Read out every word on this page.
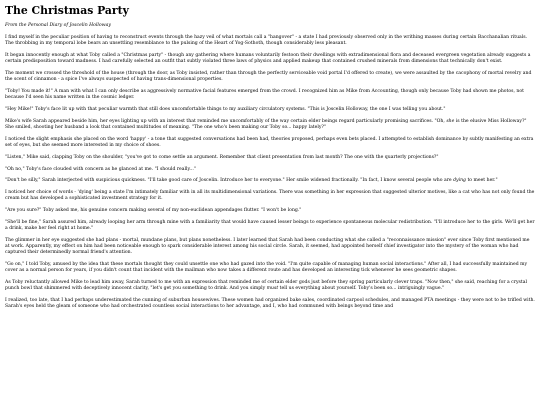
The Christmas Party

From the Personal Diary of Joscelin Holloway

I find myself in the peculiar position of having to reconstruct events through the hazy veil of what mortals call a "hangover" - a state I had previously observed only in the writhing masses during certain Bacchanalian rituals. The throbbing in my temporal lobe bears an unsettling resemblance to the pulsing of the Heart of Yog-Sothoth, though considerably less pleasant.

It began innocently enough at what Toby called a "Christmas party" - though any gathering where humans voluntarily festoon their dwellings with extradimensional flora and deceased evergreen vegetation already suggests a certain predisposition toward madness. I had carefully selected an outfit that subtly violated three laws of physics and applied makeup that contained crushed minerals from dimensions that technically don't exist.

The moment we crossed the threshold of the house (through the door, as Toby insisted, rather than through the perfectly serviceable void portal I'd offered to create), we were assaulted by the cacophony of mortal revelry and the scent of cinnamon - a spice I've always suspected of having trans-dimensional properties.

"Toby! You made it!" A man with what I can only describe as aggressively normative facial features emerged from the crowd. I recognized him as Mike from Accounting, though only because Toby had shown me photos, not because I'd seen his name written in the cosmic ledger.

"Hey Mike!" Toby's face lit up with that peculiar warmth that still does uncomfortable things to my auxiliary circulatory systems. "This is Joscelin Holloway, the one I was telling you about."

Mike's wife Sarah appeared beside him, her eyes lighting up with an interest that reminded me uncomfortably of the way certain elder beings regard particularly promising sacrifices. "Oh, she is the elusive Miss Holloway?" She smiled, shooting her husband a look that contained multitudes of meaning. "The one who's been making our Toby so... happy lately?"

I noticed the slight emphasis she placed on the word 'happy' - a tone that suggested conversations had been had, theories proposed, perhaps even bets placed. I attempted to establish dominance by subtly manifesting an extra set of eyes, but she seemed more interested in my choice of shoes.

"Listen," Mike said, clapping Toby on the shoulder, "you've got to come settle an argument. Remember that client presentation from last month? The one with the quarterly projections?"

"Oh no," Toby's face clouded with concern as he glanced at me. "I should really..."

"Don't be silly," Sarah interjected with suspicious quickness. "I'll take good care of Joscelin. Introduce her to everyone." Her smile widened fractionally. "In fact, I know several people who are dying to meet her."

I noticed her choice of words - 'dying' being a state I'm intimately familiar with in all its multidimensional variations. There was something in her expression that suggested ulterior motives, like a cat who has not only found the cream but has developed a sophisticated investment strategy for it.

"Are you sure?" Toby asked me, his genuine concern making several of my non-euclidean appendages flutter. "I won't be long."

"She'll be fine," Sarah assured him, already looping her arm through mine with a familiarity that would have caused lesser beings to experience spontaneous molecular redistribution. "I'll introduce her to the girls. We'll get her a drink, make her feel right at home."

The glimmer in her eye suggested she had plans - mortal, mundane plans, but plans nonetheless. I later learned that Sarah had been conducting what she called a "reconnaissance mission" ever since Toby first mentioned me at work. Apparently, my effect on him had been noticeable enough to spark considerable interest among his social circle. Sarah, it seemed, had appointed herself chief investigator into the mystery of the woman who had captured their determinedly normal friend's attention.

"Go on," I told Toby, amused by the idea that these mortals thought they could unsettle one who had gazed into the void. "I'm quite capable of managing human social interactions." After all, I had successfully maintained my cover as a normal person for years, if you didn't count that incident with the mailman who now takes a different route and has developed an interesting tick whenever he sees geometric shapes.

As Toby reluctantly allowed Mike to lead him away, Sarah turned to me with an expression that reminded me of certain elder gods just before they spring particularly clever traps. "Now then," she said, reaching for a crystal punch bowl that shimmered with deceptively innocent clarity, "let's get you something to drink. And you simply must tell us everything about yourself. Toby's been so... intriguingly vague."

I realized, too late, that I had perhaps underestimated the cunning of suburban housewives. These women had organized bake sales, coordinated carpool schedules, and managed PTA meetings - they were not to be trifled with. Sarah's eyes held the gleam of someone who had orchestrated countless social interactions to her advantage, and I, who had communed with beings beyond time and
